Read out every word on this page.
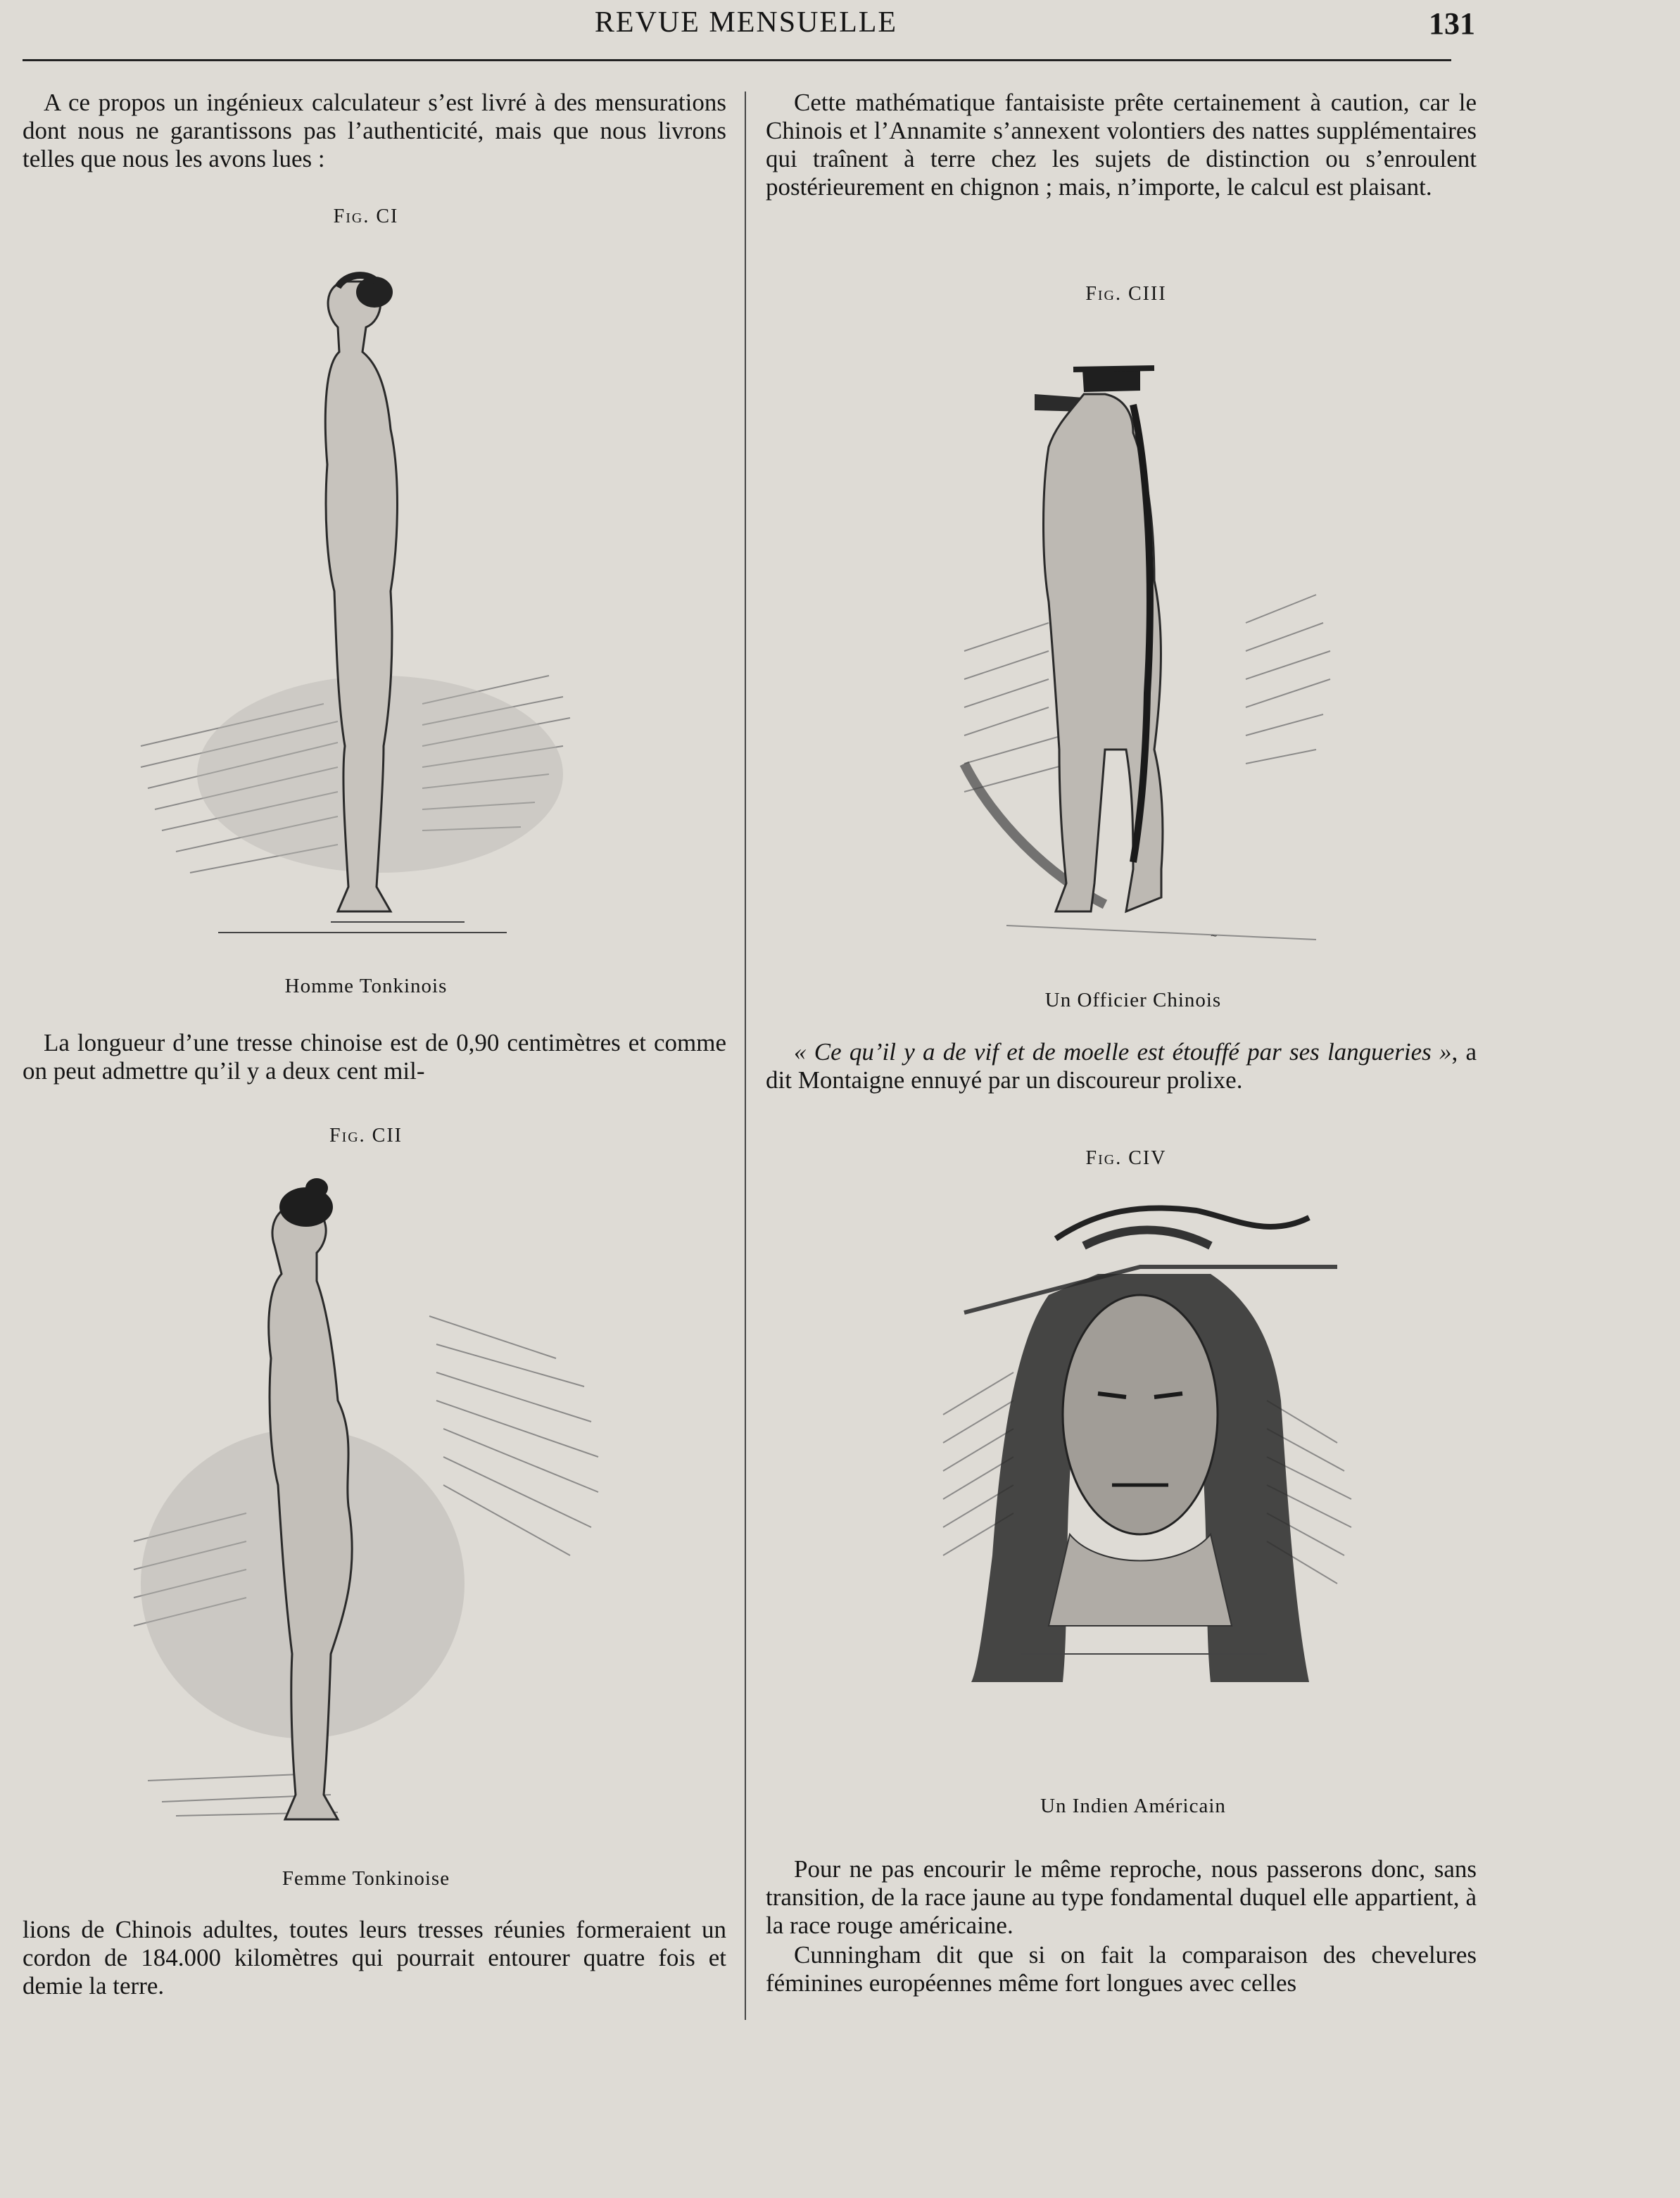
REVUE MENSUELLE	131
A ce propos un ingénieux calculateur s’est livré à des mensurations dont nous ne garantissons pas l’authenticité, mais que nous livrons telles que nous les avons lues :
Fig. CI
Homme Tonkinois
La longueur d’une tresse chinoise est de 0,90 centimètres et comme on peut admettre qu’il y a deux cent mil-
Fig. CII
Femme Tonkinoise
lions de Chinois adultes, toutes leurs tresses réunies formeraient un cordon de 184.000 kilomètres qui pourrait entourer quatre fois et demie la terre.
Cette mathématique fantaisiste prête certainement à caution, car le Chinois et l’Annamite s’annexent volontiers des nattes supplémentaires qui traînent à terre chez les sujets de distinction ou s’enroulent postérieurement en chignon ; mais, n’importe, le calcul est plaisant.
Fig. CIII
~
Un Officier Chinois
« Ce qu’il y a de vif et de moelle est étouffé par ses langueries », a dit Montaigne ennuyé par un discoureur prolixe.
Fig. CIV
Un Indien Américain
Pour ne pas encourir le même reproche, nous passerons donc, sans transition, de la race jaune au type fondamental duquel elle appartient, à la race rouge américaine.
Cunningham dit que si on fait la comparaison des chevelures féminines européennes même fort longues avec celles
